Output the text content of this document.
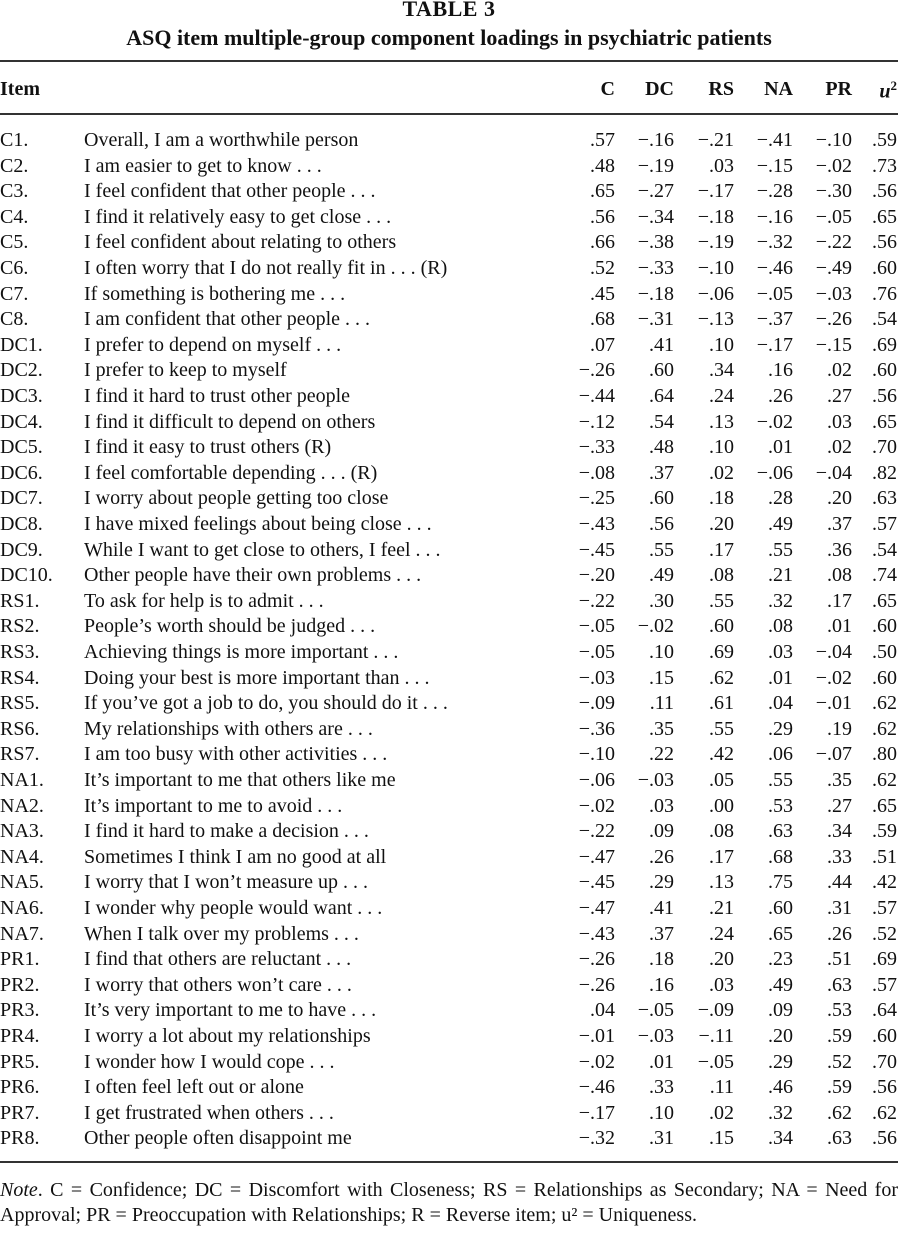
TABLE 3
ASQ item multiple-group component loadings in psychiatric patients
Item	C DC RS NA PR $u^2$
C1.	Overall, I am a worthwhile person	.57 −.16 −.21 −.41 −.10 .59
C2.	I am easier to get to know . . .	.48 −.19 .03 −.15 −.02 .73
C3.	I feel confident that other people . . .	.65 −.27 −.17 −.28 −.30 .56
C4.	I find it relatively easy to get close . . .	.56 −.34 −.18 −.16 −.05 .65
C5.	I feel confident about relating to others	.66 −.38 −.19 −.32 −.22 .56
C6.	I often worry that I do not really fit in . . . (R)	.52 −.33 −.10 −.46 −.49 .60
C7.	If something is bothering me . . .	.45 −.18 −.06 −.05 −.03 .76
C8.	I am confident that other people . . .	.68 −.31 −.13 −.37 −.26 .54
DC1. I prefer to depend on myself . . .	.07 .41 .10 −.17 −.15 .69
DC2. I prefer to keep to myself	−.26 .60 .34 .16 .02 .60
DC3. I find it hard to trust other people	−.44 .64 .24 .26 .27 .56
DC4. I find it difficult to depend on others	−.12 .54 .13 −.02 .03 .65
DC5. I find it easy to trust others (R)	−.33 .48 .10 .01 .02 .70
DC6. I feel comfortable depending . . . (R)	−.08 .37 .02 −.06 −.04 .82
DC7. I worry about people getting too close	−.25 .60 .18 .28 .20 .63
DC8. I have mixed feelings about being close . . .	−.43 .56 .20 .49 .37 .57
DC9. While I want to get close to others, I feel . . .	−.45 .55 .17 .55 .36 .54
DC10. Other people have their own problems . . .	−.20 .49 .08 .21 .08 .74
RS1. To ask for help is to admit . . .	−.22 .30 .55 .32 .17 .65
RS2. People’s worth should be judged . . .	−.05 −.02 .60 .08 .01 .60
RS3. Achieving things is more important . . .	−.05 .10 .69 .03 −.04 .50
RS4. Doing your best is more important than . . .	−.03 .15 .62 .01 −.02 .60
RS5. If you’ve got a job to do, you should do it . . .	−.09 .11 .61 .04 −.01 .62
RS6. My relationships with others are . . .	−.36 .35 .55 .29 .19 .62
RS7. I am too busy with other activities . . .	−.10 .22 .42 .06 −.07 .80
NA1. It’s important to me that others like me	−.06 −.03 .05 .55 .35 .62
NA2. It’s important to me to avoid . . .	−.02 .03 .00 .53 .27 .65
NA3. I find it hard to make a decision . . .	−.22 .09 .08 .63 .34 .59
NA4. Sometimes I think I am no good at all	−.47 .26 .17 .68 .33 .51
NA5. I worry that I won’t measure up . . .	−.45 .29 .13 .75 .44 .42
NA6. I wonder why people would want . . .	−.47 .41 .21 .60 .31 .57
NA7. When I talk over my problems . . .	−.43 .37 .24 .65 .26 .52
PR1. I find that others are reluctant . . .	−.26 .18 .20 .23 .51 .69
PR2. I worry that others won’t care . . .	−.26 .16 .03 .49 .63 .57
PR3. It’s very important to me to have . . .	.04 −.05 −.09 .09 .53 .64
PR4. I worry a lot about my relationships	−.01 −.03 −.11 .20 .59 .60
PR5. I wonder how I would cope . . .	−.02 .01 −.05 .29 .52 .70
PR6. I often feel left out or alone	−.46 .33 .11 .46 .59 .56
PR7. I get frustrated when others . . .	−.17 .10 .02 .32 .62 .62
PR8. Other people often disappoint me	−.32 .31 .15 .34 .63 .56
Note. C = Confidence; DC = Discomfort with Closeness; RS = Relationships as Secondary; NA = Need for Approval; PR = Preoccupation with Relationships; R = Reverse item; u² = Uniqueness.
